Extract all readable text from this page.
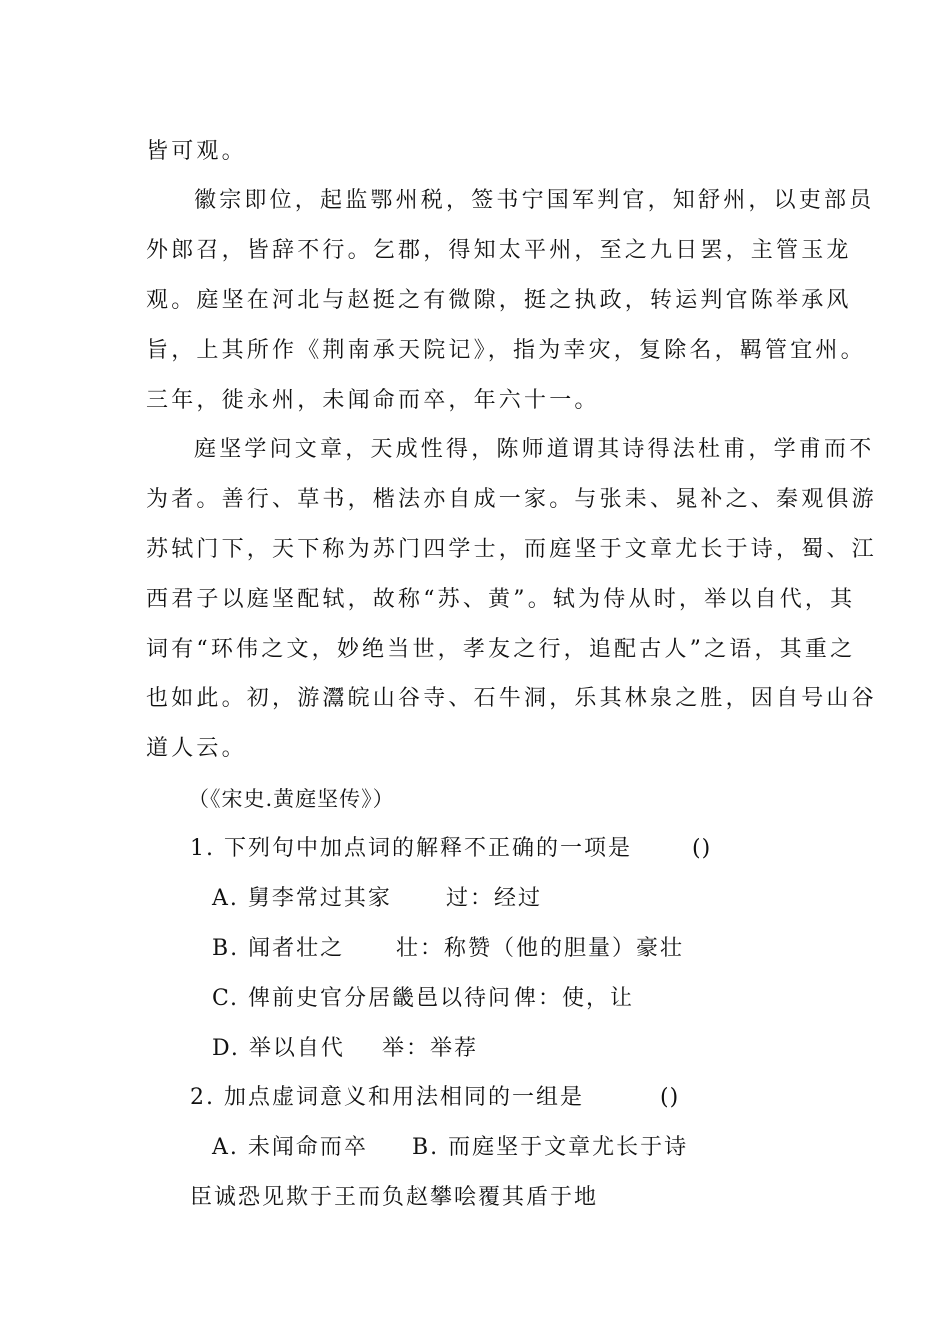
皆可观。
徽宗即位，起监鄂州税，签书宁国军判官，知舒州，以吏部员
外郎召，皆辞不行。乞郡，得知太平州，至之九日罢，主管玉龙
观。庭坚在河北与赵挺之有微隙，挺之执政，转运判官陈举承风
旨，上其所作《荆南承天院记》，指为幸灾，复除名，羁管宜州。
三年，徙永州，未闻命而卒，年六十一。
庭坚学问文章，天成性得，陈师道谓其诗得法杜甫，学甫而不
为者。善行、草书，楷法亦自成一家。与张耒、晁补之、秦观俱游
苏轼门下，天下称为苏门四学士，而庭坚于文章尤长于诗，蜀、江
西君子以庭坚配轼，故称“苏、黄”。轼为侍从时，举以自代，其
词有“环伟之文，妙绝当世，孝友之行，追配古人”之语，其重之
也如此。初，游灊皖山谷寺、石牛洞，乐其林泉之胜，因自号山谷
道人云。
（《宋史.黄庭坚传》）
1. 下列句中加点词的解释不正确的一项是	()
A. 舅李常过其家 过：经过
B. 闻者壮之 壮：称赞（他的胆量）豪壮
C. 俾前史官分居畿邑以待问 俾：使，让
D. 举以自代 举：举荐
2. 加点虚词意义和用法相同的一组是	()
A. 未闻命而卒 B. 而庭坚于文章尤长于诗
臣诚恐见欺于王而负赵攀哙覆其盾于地
